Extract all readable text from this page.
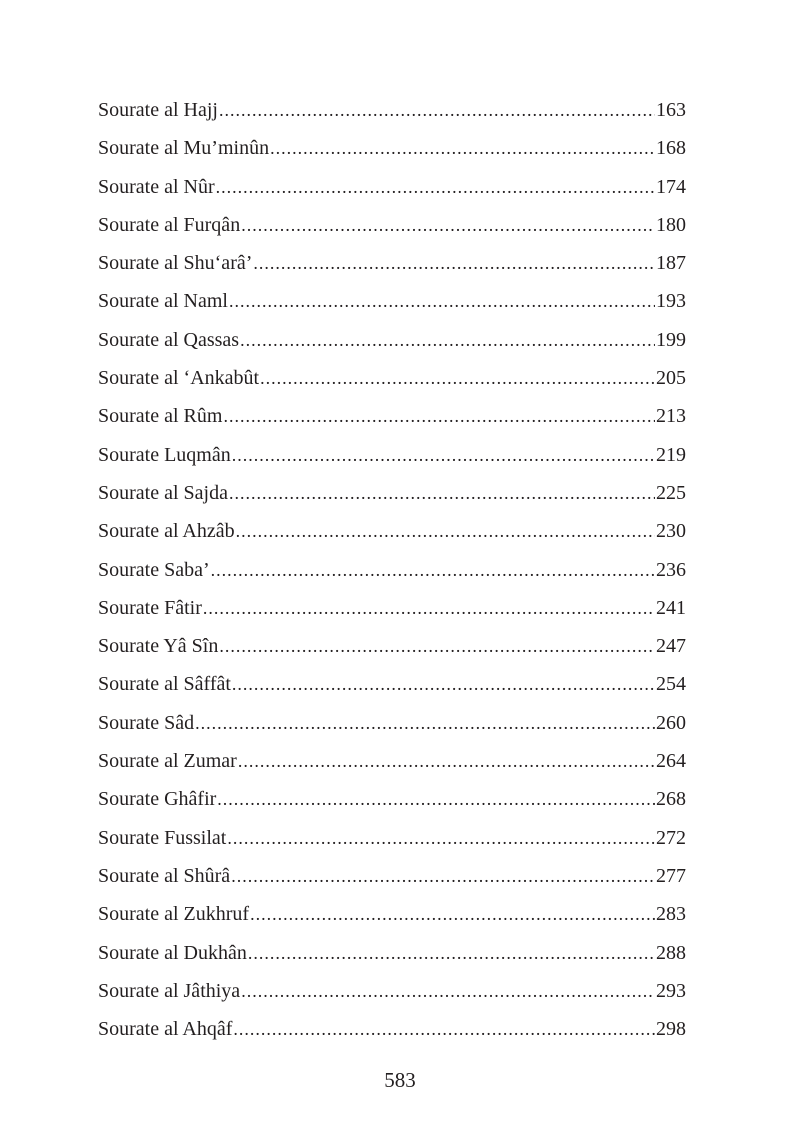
Sourate al Hajj .....	163
Sourate al Mu’minûn .....	168
Sourate al Nûr .....	174
Sourate al Furqân .....	180
Sourate al Shu‘arâ’ .....	187
Sourate al Naml .....	193
Sourate al Qassas .....	199
Sourate al ‘Ankabût .....	205
Sourate al Rûm .....	213
Sourate Luqmân .....	219
Sourate al Sajda .....	225
Sourate al Ahzâb .....	230
Sourate Saba’ .....	236
Sourate Fâtir .....	241
Sourate Yâ Sîn .....	247
Sourate al Sâffât .....	254
Sourate Sâd .....	260
Sourate al Zumar .....	264
Sourate Ghâfir .....	268
Sourate Fussilat .....	272
Sourate al Shûrâ .....	277
Sourate al Zukhruf .....	283
Sourate al Dukhân .....	288
Sourate al Jâthiya .....	293
Sourate al Ahqâf .....	298
583
